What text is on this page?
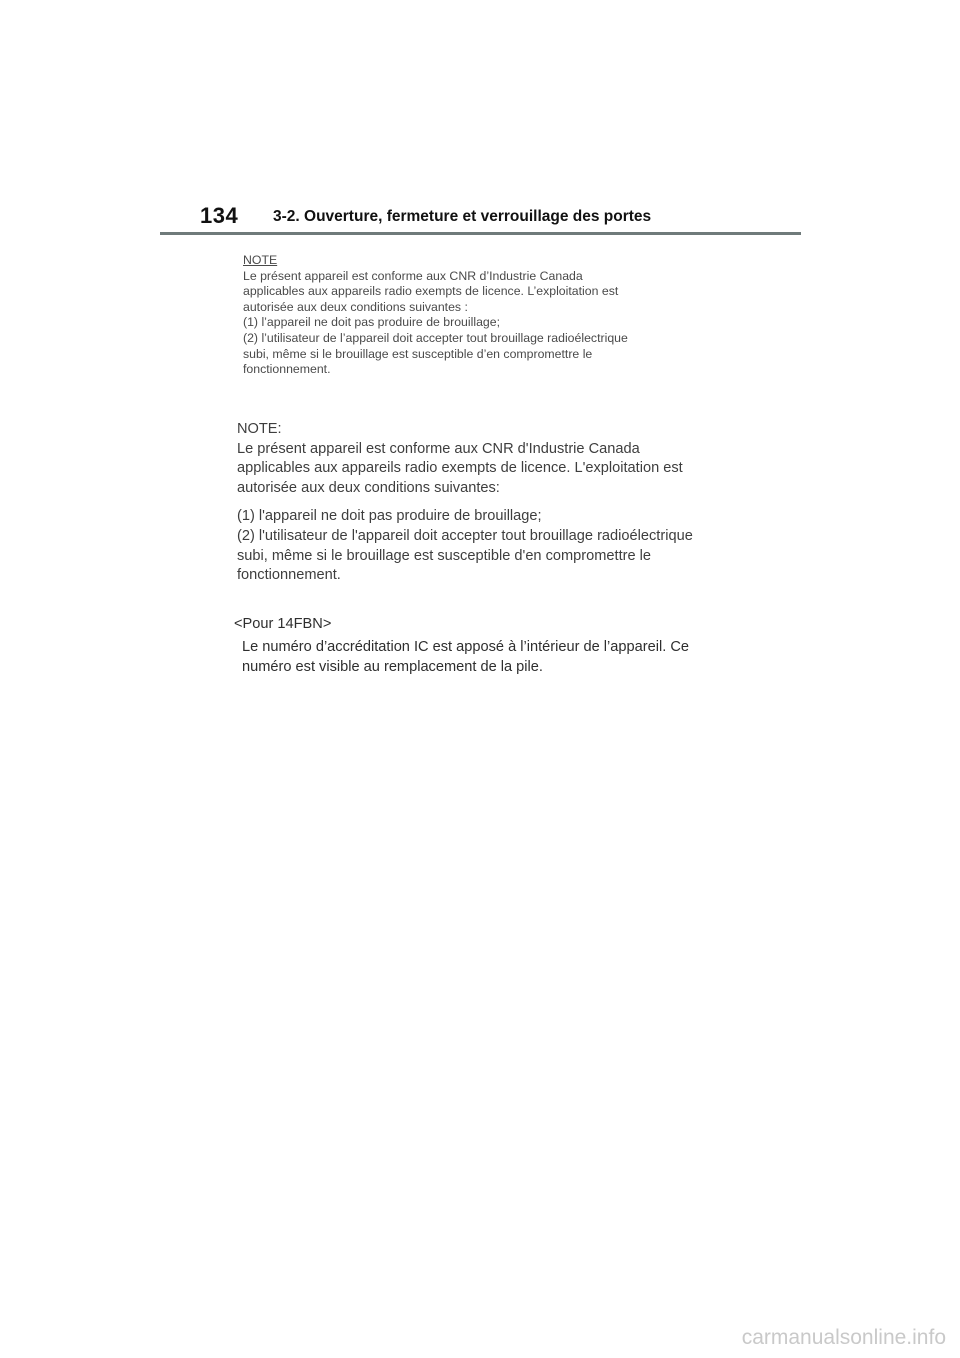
134 3-2. Ouverture, fermeture et verrouillage des portes
NOTE
Le présent appareil est conforme aux CNR d’Industrie Canada
applicables aux appareils radio exempts de licence. L’exploitation est
autorisée aux deux conditions suivantes :
(1) l’appareil ne doit pas produire de brouillage;
(2) l’utilisateur de l’appareil doit accepter tout brouillage radioélectrique
subi, même si le brouillage est susceptible d’en compromettre le
fonctionnement.
NOTE:
Le présent appareil est conforme aux CNR d'Industrie Canada
applicables aux appareils radio exempts de licence. L'exploitation est
autorisée aux deux conditions suivantes:
(1) l'appareil ne doit pas produire de brouillage;
(2) l'utilisateur de l'appareil doit accepter tout brouillage radioélectrique
subi, même si le brouillage est susceptible d'en compromettre le
fonctionnement.
<Pour 14FBN>
Le numéro d’accréditation IC est apposé à l’intérieur de l’appareil. Ce
numéro est visible au remplacement de la pile.
carmanualsonline.info
